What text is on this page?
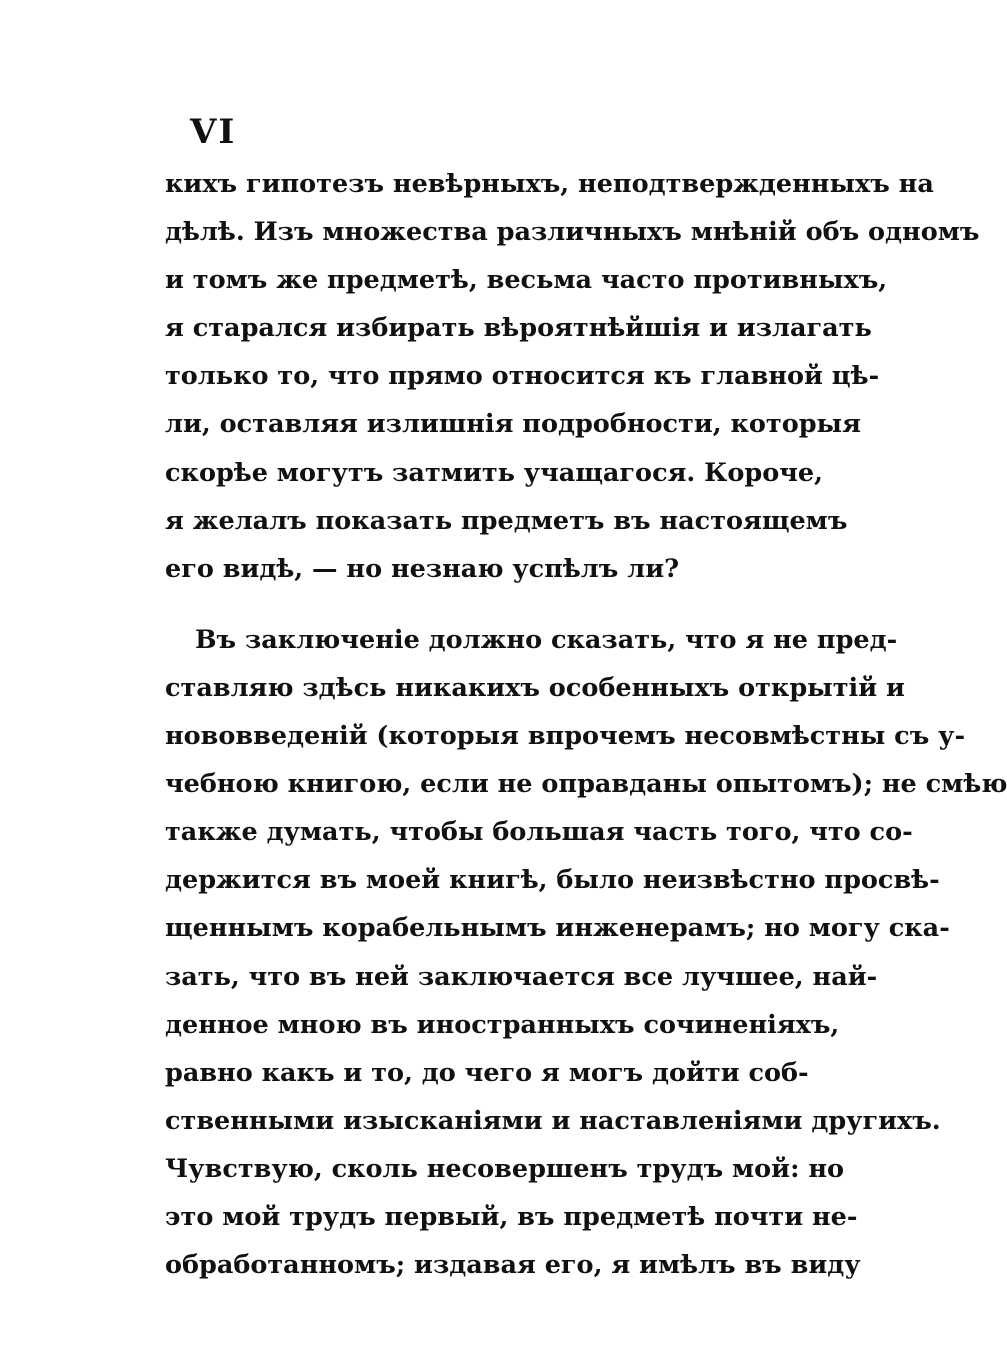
VI
кихъ гипотезъ невѣрныхъ, неподтвержденныхъ на
дѣлѣ. Изъ множества различныхъ мнѣній объ одномъ
и томъ же предметѣ, весьма часто противныхъ,
я старался избирать вѣроятнѣйшія и излагать
только то, что прямо относится къ главной цѣ-
ли, оставляя излишнія подробности, которыя
скорѣе могутъ затмить учащагося. Короче,
я желалъ показать предметъ въ настоящемъ
его видѣ, — но незнаю успѣлъ ли?
Въ заключеніе должно сказать, что я не пред-
ставляю здѣсь никакихъ особенныхъ открытій и
нововведеній (которыя впрочемъ несовмѣстны съ у-
чебною книгою, если не оправданы опытомъ); не смѣю
также думать, чтобы большая часть того, что со-
держится въ моей книгѣ, было неизвѣстно просвѣ-
щеннымъ корабельнымъ инженерамъ; но могу ска-
зать, что въ ней заключается все лучшее, най-
денное мною въ иностранныхъ сочиненіяхъ,
равно какъ и то, до чего я могъ дойти соб-
ственными изысканіями и наставленіями другихъ.
Чувствую, сколь несовершенъ трудъ мой: но
это мой трудъ первый, въ предметѣ почти не-
обработанномъ; издавая его, я имѣлъ въ виду
